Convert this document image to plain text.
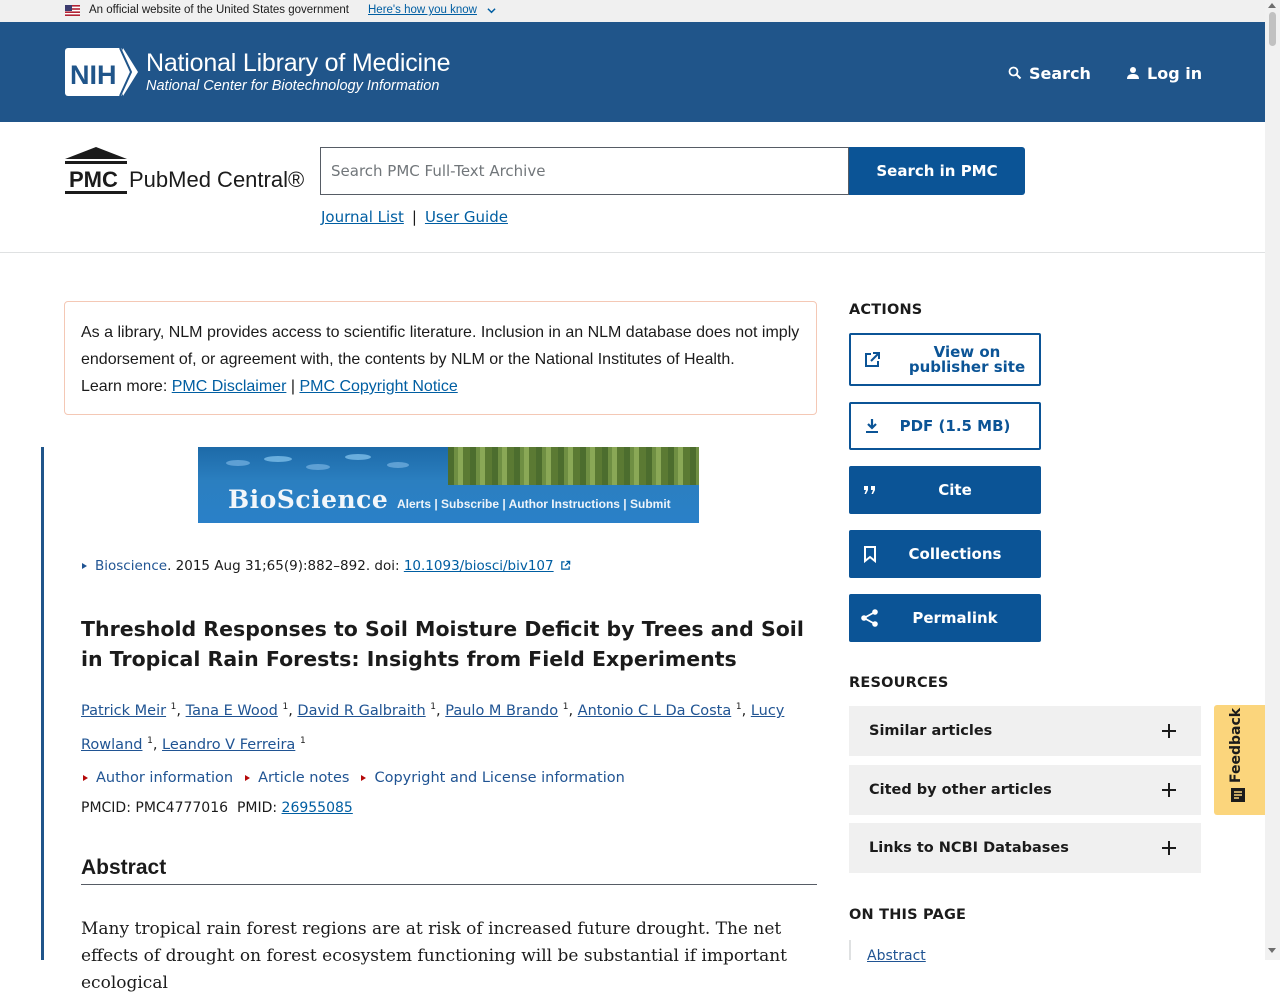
An official website of the United States government Here's how you know
NIH National Library of Medicine
National Center for Biotechnology Information
Search	Log in
PMC PubMed Central®
Search PMC Full-Text Archive	Search in PMC
Journal List | User Guide
As a library, NLM provides access to scientific literature. Inclusion in an NLM database does not imply endorsement of, or agreement with, the contents by NLM or the National Institutes of Health.
Learn more: PMC Disclaimer | PMC Copyright Notice
BioScience Alerts | Subscribe | Author Instructions | Submit
Bioscience. 2015 Aug 31;65(9):882–892. doi: 10.1093/biosci/biv107
Threshold Responses to Soil Moisture Deficit by Trees and Soil in Tropical Rain Forests: Insights from Field Experiments
Patrick Meir $^1$, Tana E Wood $^1$, David R Galbraith $^1$, Paulo M Brando $^1$, Antonio C L Da Costa $^1$, Lucy Rowland $^1$, Leandro V Ferreira $^1$
Author information	Article notes	Copyright and License information
PMCID: PMC4777016 PMID: 26955085
Abstract

Many tropical rain forest regions are at risk of increased future drought. The net effects of drought on forest ecosystem functioning will be substantial if important ecological

ACTIONS
View on publisher site
PDF (1.5 MB)
Cite
Collections
Permalink
RESOURCES
Similar articles
Cited by other articles
Links to NCBI Databases
ON THIS PAGE
Abstract
Feedback
